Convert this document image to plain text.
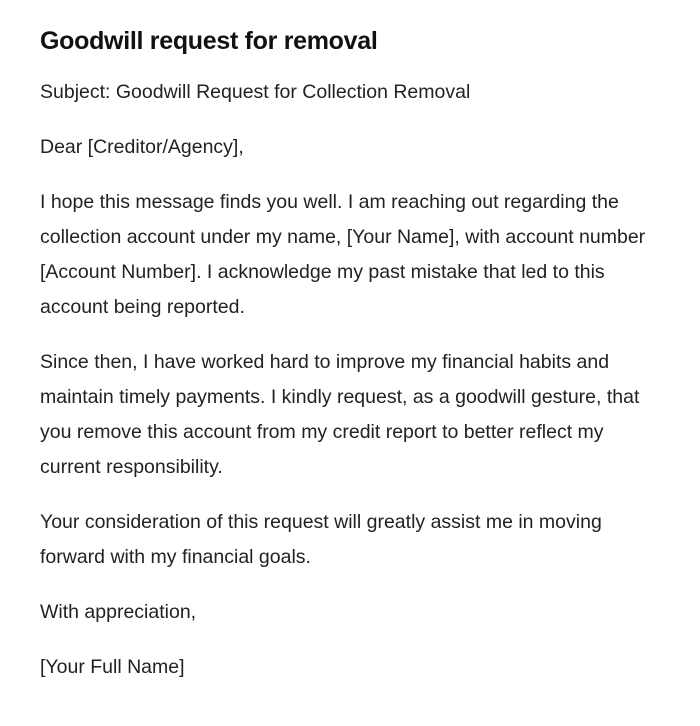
Goodwill request for removal

Subject: Goodwill Request for Collection Removal

Dear [Creditor/Agency],

I hope this message finds you well. I am reaching out regarding the collection account under my name, [Your Name], with account number [Account Number]. I acknowledge my past mistake that led to this account being reported.

Since then, I have worked hard to improve my financial habits and maintain timely payments. I kindly request, as a goodwill gesture, that you remove this account from my credit report to better reflect my current responsibility.

Your consideration of this request will greatly assist me in moving forward with my financial goals.

With appreciation,

[Your Full Name]
